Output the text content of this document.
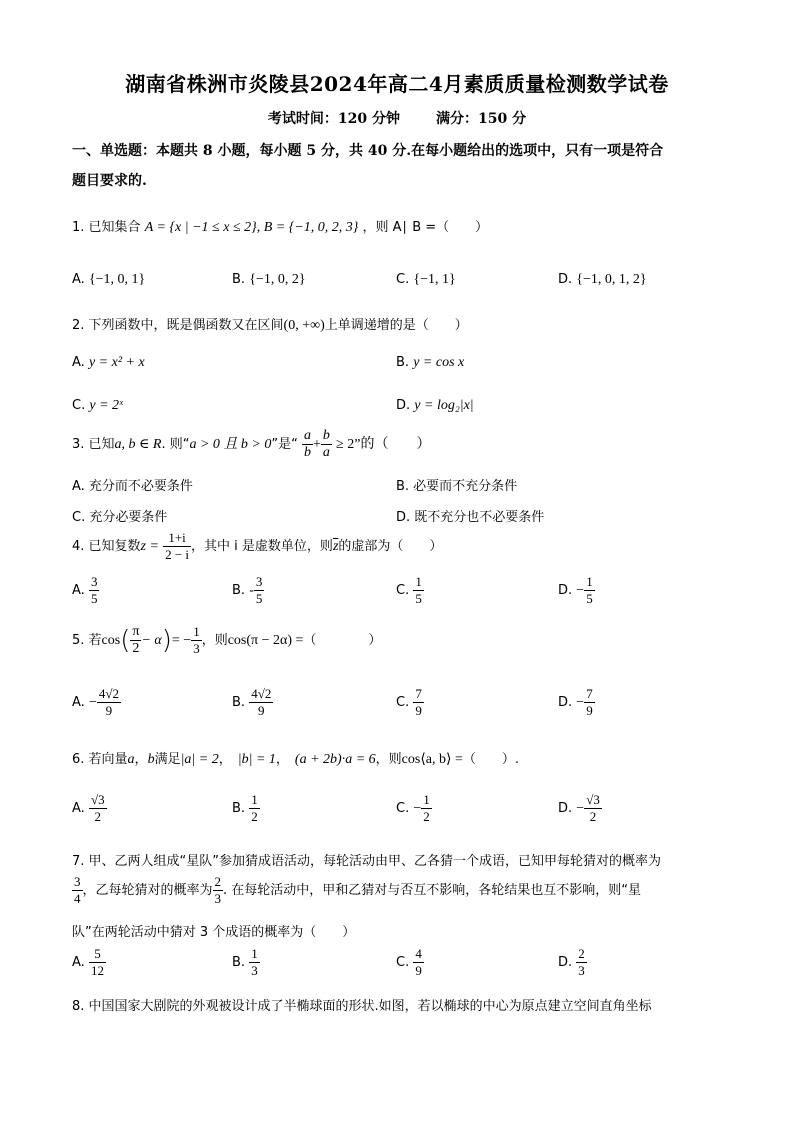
湖南省株洲市炎陵县2024年高二4月素质质量检测数学试卷
考试时间：120 分钟	满分：150 分
一、单选题：本题共 8 小题，每小题 5 分，共 40 分.在每小题给出的选项中，只有一项是符合
题目要求的.
1. 已知集合 A = {x | −1 ≤ x ≤ 2}, B = {−1, 0, 2, 3} ，则 A∣ B =（　　）
A. {−1, 0, 1}	B. {−1, 0, 2}	C. {−1, 1}	D. {−1, 0, 1, 2}
2. 下列函数中，既是偶函数又在区间(0, +∞)上单调递增的是（　　）
A. y = x² + x	B. y = cos x
C. y = 2ˣ	D. y = log₂|x|
3. 已知a, b ∈ R. 则“a > 0 且 b > 0”是“ $\frac{a}{b} + \frac{b}{a} \ge 2$”的（　　）
A. 充分而不必要条件	B. 必要而不充分条件
C. 充分必要条件	D. 既不充分也不必要条件
4. 已知复数$z = \frac{1+i}{2 - i}$ ，其中 i 是虚数单位，则$\overline{z}$的虚部为（　　）
A. $\frac{3}{5}$	B. - $\frac{3}{5}$	C. $\frac{1}{5}$	D. − $\frac{1}{5}$
5. 若$\cos( \frac{\pi}{2} - \alpha)= - \frac{1}{3}$ ，则cos(π − 2α) =（　　　　）
A. − $\frac{4√2}{9}$	B. $\frac{4√2}{9}$	C. $\frac{7}{9}$	D. − $\frac{7}{9}$
6. 若向量a，b满足|a| = 2， |b| = 1， (a + 2b)·a = 6，则cos⟨a, b⟩ =（　　）.
A. $\frac{√3}{2}$	B. $\frac{1}{2}$	C. − $\frac{1}{2}$	D. − $\frac{√3}{2}$
7. 甲、乙两人组成“星队”参加猜成语活动，每轮活动由甲、乙各猜一个成语，已知甲每轮猜对的概率为
$\frac{3}{4}$ ，乙每轮猜对的概率为 $\frac{2}{3}$ . 在每轮活动中，甲和乙猜对与否互不影响，各轮结果也互不影响，则“星
队”在两轮活动中猜对 3 个成语的概率为（　　）
A. $\frac{5}{12}$	B. $\frac{1}{3}$	C. $\frac{4}{9}$	D. $\frac{2}{3}$
8. 中国国家大剧院的外观被设计成了半椭球面的形状.如图，若以椭球的中心为原点建立空间直角坐标
